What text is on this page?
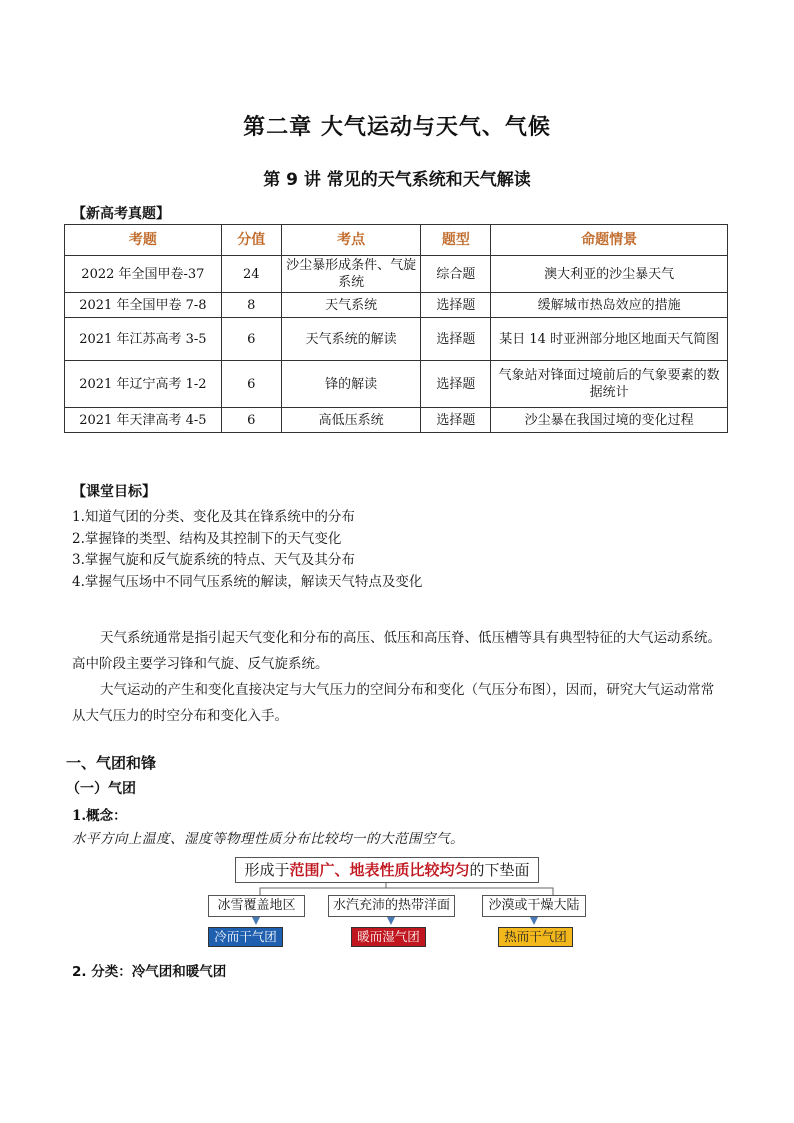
第二章 大气运动与天气、气候
第 9 讲 常见的天气系统和天气解读
【新高考真题】
考题	分值	考点	题型	命题情景
2022 年全国甲卷-37	24	沙尘暴形成条件、气旋系统	综合题	澳大利亚的沙尘暴天气
2021 年全国甲卷 7-8	8	天气系统	选择题	缓解城市热岛效应的措施
2021 年江苏高考 3-5	6	天气系统的解读	选择题	某日 14 时亚洲部分地区地面天气简图
2021 年辽宁高考 1-2	6	锋的解读	选择题	气象站对锋面过境前后的气象要素的数据统计
2021 年天津高考 4-5	6	高低压系统	选择题	沙尘暴在我国过境的变化过程
【课堂目标】
1.知道气团的分类、变化及其在锋系统中的分布
2.掌握锋的类型、结构及其控制下的天气变化
3.掌握气旋和反气旋系统的特点、天气及其分布
4.掌握气压场中不同气压系统的解读，解读天气特点及变化
天气系统通常是指引起天气变化和分布的高压、低压和高压脊、低压槽等具有典型特征的大气运动系统。高中阶段主要学习锋和气旋、反气旋系统。
大气运动的产生和变化直接决定与大气压力的空间分布和变化（气压分布图），因而，研究大气运动常常从大气压力的时空分布和变化入手。
一、气团和锋
（一）气团
1.概念：
水平方向上温度、湿度等物理性质分布比较均一的大范围空气。
形成于范围广、地表性质比较均匀的下垫面
冰雪覆盖地区	水汽充沛的热带洋面	沙漠或干燥大陆
冷而干气团	暖而湿气团	热而干气团
2. 分类：冷气团和暖气团
